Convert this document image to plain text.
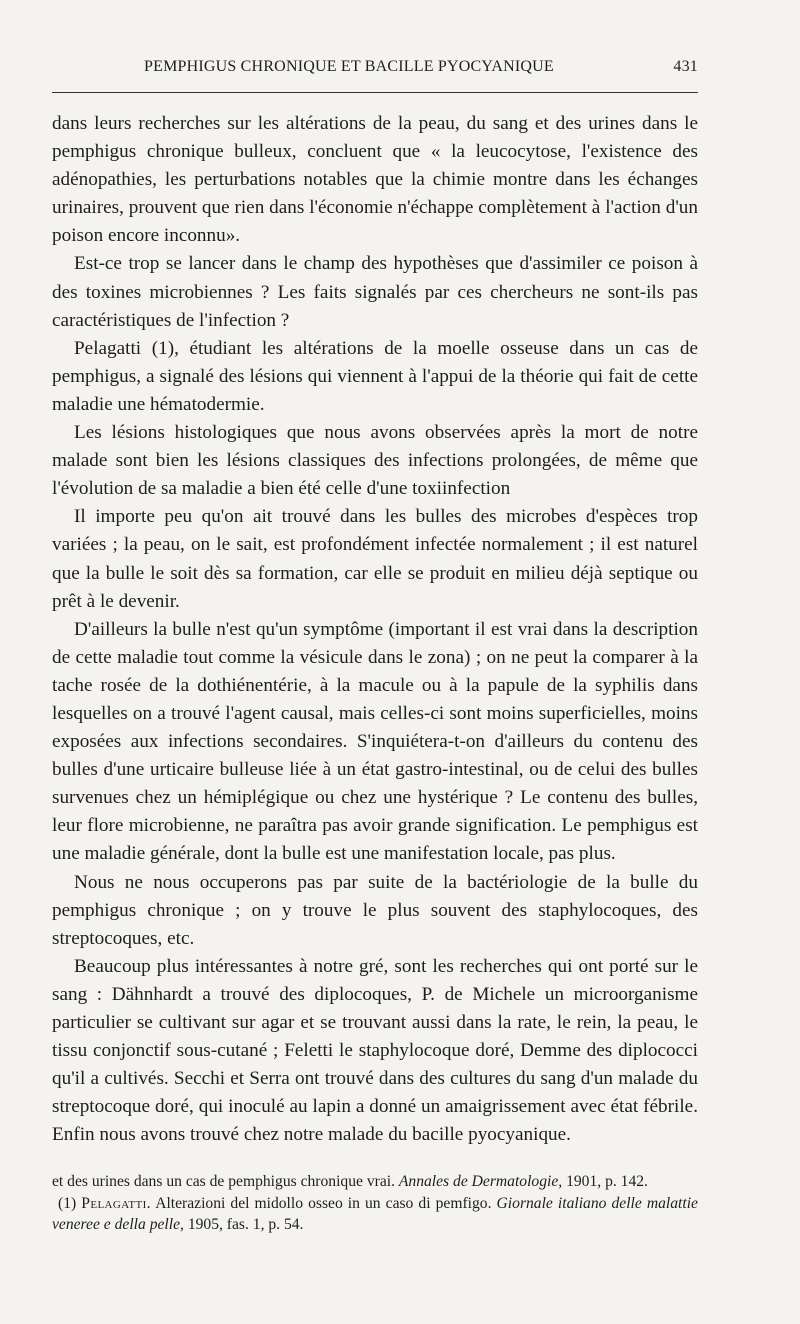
PEMPHIGUS CHRONIQUE ET BACILLE PYOCYANIQUE	431

dans leurs recherches sur les altérations de la peau, du sang et des urines dans le pemphigus chronique bulleux, concluent que « la leucocytose, l'existence des adénopathies, les perturbations notables que la chimie montre dans les échanges urinaires, prouvent que rien dans l'économie n'échappe complètement à l'action d'un poison encore inconnu».

Est-ce trop se lancer dans le champ des hypothèses que d'assimiler ce poison à des toxines microbiennes ? Les faits signalés par ces chercheurs ne sont-ils pas caractéristiques de l'infection ?

Pelagatti (1), étudiant les altérations de la moelle osseuse dans un cas de pemphigus, a signalé des lésions qui viennent à l'appui de la théorie qui fait de cette maladie une hématodermie.

Les lésions histologiques que nous avons observées après la mort de notre malade sont bien les lésions classiques des infections prolongées, de même que l'évolution de sa maladie a bien été celle d'une toxiinfection

Il importe peu qu'on ait trouvé dans les bulles des microbes d'espèces trop variées ; la peau, on le sait, est profondément infectée normalement ; il est naturel que la bulle le soit dès sa formation, car elle se produit en milieu déjà septique ou prêt à le devenir.

D'ailleurs la bulle n'est qu'un symptôme (important il est vrai dans la description de cette maladie tout comme la vésicule dans le zona) ; on ne peut la comparer à la tache rosée de la dothiénentérie, à la macule ou à la papule de la syphilis dans lesquelles on a trouvé l'agent causal, mais celles-ci sont moins superficielles, moins exposées aux infections secondaires. S'inquiétera-t-on d'ailleurs du contenu des bulles d'une urticaire bulleuse liée à un état gastro-intestinal, ou de celui des bulles survenues chez un hémiplégique ou chez une hystérique ? Le contenu des bulles, leur flore microbienne, ne paraîtra pas avoir grande signification. Le pemphigus est une maladie générale, dont la bulle est une manifestation locale, pas plus.

Nous ne nous occuperons pas par suite de la bactériologie de la bulle du pemphigus chronique ; on y trouve le plus souvent des staphylocoques, des streptocoques, etc.

Beaucoup plus intéressantes à notre gré, sont les recherches qui ont porté sur le sang : Dähnhardt a trouvé des diplocoques, P. de Michele un microorganisme particulier se cultivant sur agar et se trouvant aussi dans la rate, le rein, la peau, le tissu conjonctif sous-cutané ; Feletti le staphylocoque doré, Demme des diplococci qu'il a cultivés. Secchi et Serra ont trouvé dans des cultures du sang d'un malade du streptocoque doré, qui inoculé au lapin a donné un amaigrissement avec état fébrile. Enfin nous avons trouvé chez notre malade du bacille pyocyanique.

et des urines dans un cas de pemphigus chronique vrai. Annales de Dermatologie, 1901, p. 142.

(1) Pelagatti. Alterazioni del midollo osseo in un caso di pemfigo. Giornale italiano delle malattie veneree e della pelle, 1905, fas. 1, p. 54.
